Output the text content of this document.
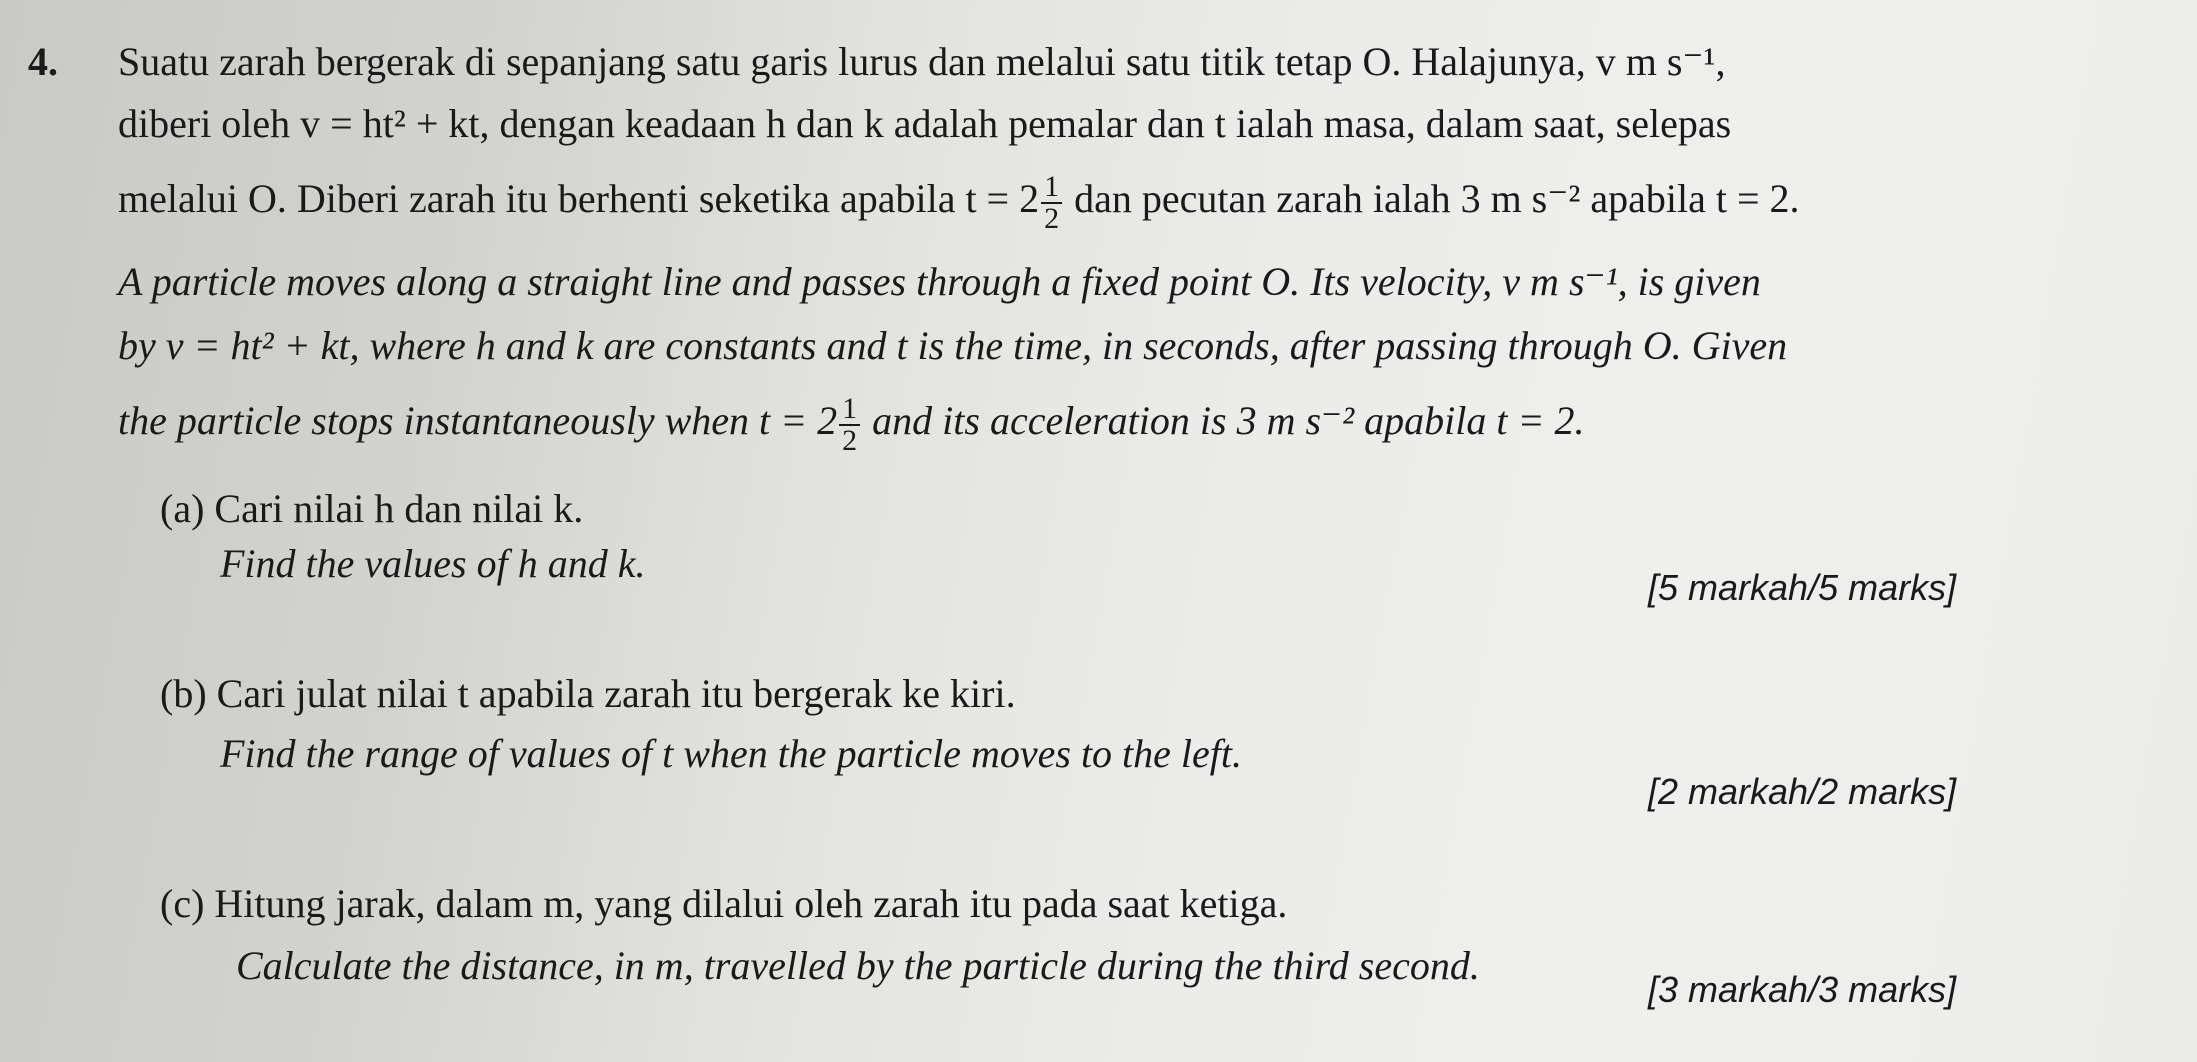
4. Suatu zarah bergerak di sepanjang satu garis lurus dan melalui satu titik tetap O. Halajunya, v m s⁻¹,
diberi oleh v = ht² + kt, dengan keadaan h dan k adalah pemalar dan t ialah masa, dalam saat, selepas
melalui O. Diberi zarah itu berhenti seketika apabila $t = 2 \frac{1}{2}$ dan pecutan zarah ialah 3 m s⁻² apabila t = 2.
A particle moves along a straight line and passes through a fixed point O. Its velocity, v m s⁻¹, is given
by v = ht² + kt, where h and k are constants and t is the time, in seconds, after passing through O. Given
the particle stops instantaneously when $t = 2 \frac{1}{2}$ and its acceleration is 3 m s⁻² apabila t = 2.
(a) Cari nilai h dan nilai k.
Find the values of h and k.
[5 markah/5 marks]
(b) Cari julat nilai t apabila zarah itu bergerak ke kiri.
Find the range of values of t when the particle moves to the left.
[2 markah/2 marks]
(c) Hitung jarak, dalam m, yang dilalui oleh zarah itu pada saat ketiga.
Calculate the distance, in m, travelled by the particle during the third second.
[3 markah/3 marks]
